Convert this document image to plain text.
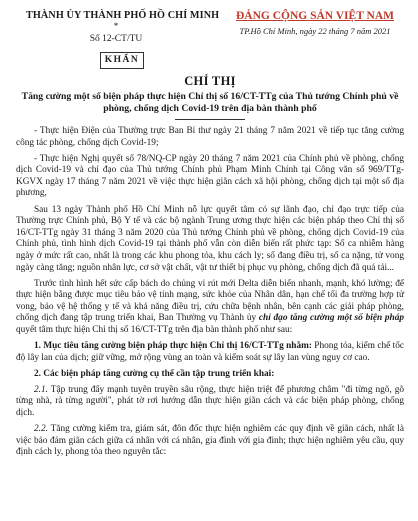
THÀNH ỦY THÀNH PHỐ HỒ CHÍ MINH
*
Số 12-CT/TU
ĐẢNG CỘNG SẢN VIỆT NAM
TP.Hồ Chí Minh, ngày 22 tháng 7 năm 2021
KHẨN
CHỈ THỊ
Tăng cường một số biện pháp thực hiện Chỉ thị số 16/CT-TTg của Thủ tướng Chính phủ về phòng, chống dịch Covid-19 trên địa bàn thành phố

- Thực hiện Điện của Thường trực Ban Bí thư ngày 21 tháng 7 năm 2021 về tiếp tục tăng cường công tác phòng, chống dịch Covid-19;

- Thực hiện Nghị quyết số 78/NQ-CP ngày 20 tháng 7 năm 2021 của Chính phủ về phòng, chống dịch Covid-19 và chỉ đạo của Thủ tướng Chính phủ Phạm Minh Chính tại Công văn số 969/TTg-KGVX ngày 17 tháng 7 năm 2021 về việc thực hiện giãn cách xã hội phòng, chống dịch tại một số địa phương,

Sau 13 ngày Thành phố Hồ Chí Minh nỗ lực quyết tâm có sự lãnh đạo, chỉ đạo trực tiếp của Thường trực Chính phủ, Bộ Y tế và các bộ ngành Trung ương thực hiện các biện pháp theo Chỉ thị số 16/CT-TTg ngày 31 tháng 3 năm 2020 của Thủ tướng Chính phủ về phòng, chống dịch Covid-19 của Chính phủ, tình hình dịch Covid-19 tại thành phố vẫn còn diễn biến rất phức tạp: Số ca nhiễm hàng ngày ở mức rất cao, nhất là trong các khu phong tỏa, khu cách ly; số đang điều trị, số ca nặng, tử vong ngày càng tăng; nguồn nhân lực, cơ sở vật chất, vật tư thiết bị phục vụ phòng, chống dịch đã quá tải...

Trước tình hình hết sức cấp bách do chủng vi rút mới Delta diễn biến nhanh, mạnh, khó lường; để thực hiện bằng được mục tiêu bảo vệ tính mạng, sức khỏe của Nhân dân, hạn chế tối đa trường hợp tử vong, bảo vệ hệ thống y tế và khả năng điều trị, cứu chữa bệnh nhân, bên cạnh các giải pháp phòng, chống dịch đang tập trung triển khai, Ban Thường vụ Thành ủy chỉ đạo tăng cường một số biện pháp quyết tâm thực hiện Chỉ thị số 16/CT-TTg trên địa bàn thành phố như sau:

1. Mục tiêu tăng cường biện pháp thực hiện Chỉ thị 16/CT-TTg nhằm: Phong tỏa, kiểm chế tốc độ lây lan của dịch; giữ vững, mở rộng vùng an toàn và kiểm soát sự lây lan vùng nguy cơ cao.

2. Các biện pháp tăng cường cụ thể cần tập trung triển khai:

2.1. Tập trung đẩy mạnh tuyên truyền sâu rộng, thực hiện triệt để phương châm "đi từng ngõ, gõ từng nhà, rà từng người", phát tờ rơi hướng dẫn thực hiện giãn cách và các biện pháp phòng, chống dịch.

2.2. Tăng cường kiểm tra, giám sát, đôn đốc thực hiện nghiêm các quy định về giãn cách, nhất là việc bảo đảm giãn cách giữa cá nhân với cá nhân, gia đình với gia đình; thực hiện nghiêm yêu cầu, quy định cách ly, phong tỏa theo nguyên tắc:
